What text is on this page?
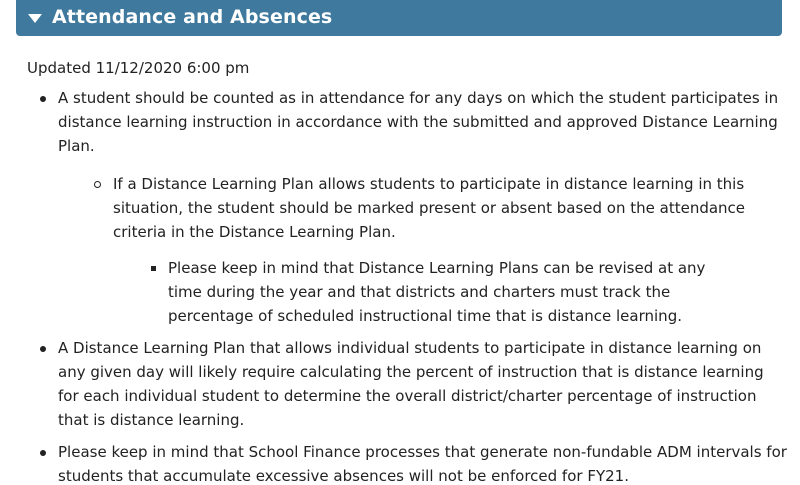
Attendance and Absences
Updated 11/12/2020 6:00 pm
A student should be counted as in attendance for any days on which the student participates in distance learning instruction in accordance with the submitted and approved Distance Learning Plan.
If a Distance Learning Plan allows students to participate in distance learning in this situation, the student should be marked present or absent based on the attendance criteria in the Distance Learning Plan.
Please keep in mind that Distance Learning Plans can be revised at any time during the year and that districts and charters must track the percentage of scheduled instructional time that is distance learning.
A Distance Learning Plan that allows individual students to participate in distance learning on any given day will likely require calculating the percent of instruction that is distance learning for each individual student to determine the overall district/charter percentage of instruction that is distance learning.
Please keep in mind that School Finance processes that generate non-fundable ADM intervals for students that accumulate excessive absences will not be enforced for FY21.
